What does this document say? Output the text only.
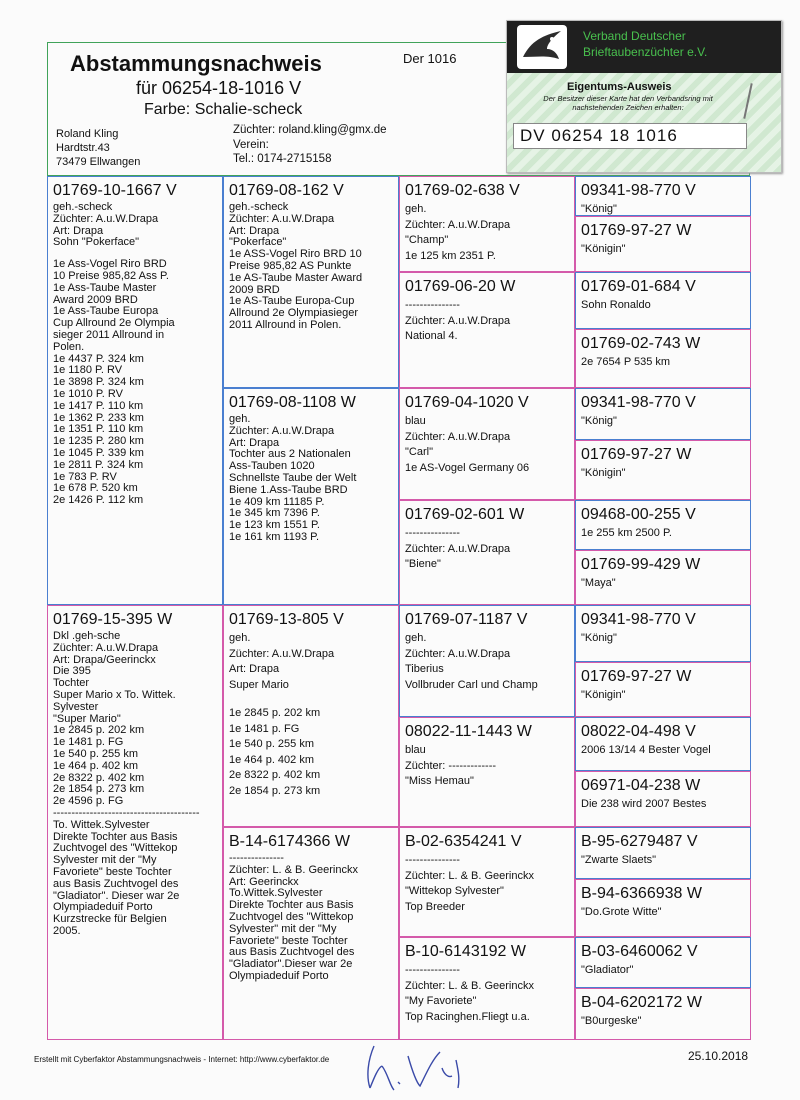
Abstammungsnachweis	Der 1016
für 06254-18-1016 V
Farbe: Schalie-scheck
Roland Kling
Hardtstr.43
73479 Ellwangen
Züchter: roland.kling@gmx.de
Verein:
Tel.: 0174-2715158
Verband Deutscher
Brieftaubenzüchter e.V.
Eigentums-Ausweis
Der Besitzer dieser Karte hat den Verbandsring mit nachstehenden Zeichen erhalten:
DV 06254 18 1016
01769-10-1667 V
geh.-scheck
Züchter: A.u.W.Drapa
Art: Drapa
Sohn "Pokerface"
1e Ass-Vogel Riro BRD
10 Preise 985,82 Ass P.
1e Ass-Taube Master
Award 2009 BRD
1e Ass-Taube Europa
Cup Allround 2e Olympia
sieger 2011 Allround in
Polen.
1e 4437 P. 324 km
1e 1180 P. RV
1e 3898 P. 324 km
1e 1010 P. RV
1e 1417 P. 110 km
1e 1362 P. 233 km
1e 1351 P. 110 km
1e 1235 P. 280 km
1e 1045 P. 339 km
1e 2811 P. 324 km
1e 783 P. RV
1e 678 P. 520 km
2e 1426 P. 112 km
01769-08-162 V
geh.-scheck
Züchter: A.u.W.Drapa
Art: Drapa
"Pokerface"
1e ASS-Vogel Riro BRD 10
Preise 985,82 AS Punkte
1e AS-Taube Master Award
2009 BRD
1e AS-Taube Europa-Cup
Allround 2e Olympiasieger
2011 Allround in Polen.
01769-02-638 V
geh.
Züchter: A.u.W.Drapa
"Champ"
1e 125 km 2351 P.
09341-98-770 V
"König"
01769-97-27 W
"Königin"
01769-06-20 W
---------------
Züchter: A.u.W.Drapa
National 4.
01769-01-684 V
Sohn Ronaldo
01769-02-743 W
2e 7654 P 535 km
01769-08-1108 W
geh.
Züchter: A.u.W.Drapa
Art: Drapa
Tochter aus 2 Nationalen
Ass-Tauben 1020
Schnellste Taube der Welt
Biene 1.Ass-Taube BRD
1e 409 km 11185 P.
1e 345 km 7396 P.
1e 123 km 1551 P.
1e 161 km 1193 P.
01769-04-1020 V
blau
Züchter: A.u.W.Drapa
"Carl"
1e AS-Vogel Germany 06
09341-98-770 V
"König"
01769-97-27 W
"Königin"
01769-02-601 W
---------------
Züchter: A.u.W.Drapa
"Biene"
09468-00-255 V
1e 255 km 2500 P.
01769-99-429 W
"Maya"
01769-15-395 W
Dkl .geh-sche
Züchter: A.u.W.Drapa
Art: Drapa/Geerinckx
Die 395
Tochter
Super Mario x To. Wittek.
Sylvester
"Super Mario"
1e 2845 p. 202 km
1e 1481 p. FG
1e 540 p. 255 km
1e 464 p. 402 km
2e 8322 p. 402 km
2e 1854 p. 273 km
2e 4596 p. FG
----------------------------------------
To. Wittek.Sylvester
Direkte Tochter aus Basis
Zuchtvogel des "Wittekop
Sylvester mit der "My
Favoriete" beste Tochter
aus Basis Zuchtvogel des
"Gladiator". Dieser war 2e
Olympiadeduif Porto
Kurzstrecke für Belgien
2005.
01769-13-805 V
geh.
Züchter: A.u.W.Drapa
Art: Drapa
Super Mario
1e 2845 p. 202 km
1e 1481 p. FG
1e 540 p. 255 km
1e 464 p. 402 km
2e 8322 p. 402 km
2e 1854 p. 273 km
01769-07-1187 V
geh.
Züchter: A.u.W.Drapa
Tiberius
Vollbruder Carl und Champ
09341-98-770 V
"König"
01769-97-27 W
"Königin"
08022-11-1443 W
blau
Züchter: -------------
"Miss Hemau"
08022-04-498 V
2006 13/14 4 Bester Vogel
06971-04-238 W
Die 238 wird 2007 Bestes
B-14-6174366 W
---------------
Züchter: L. & B. Geerinckx
Art: Geerinckx
To.Wittek.Sylvester
Direkte Tochter aus Basis
Zuchtvogel des "Wittekop
Sylvester" mit der "My
Favoriete" beste Tochter
aus Basis Zuchtvogel des
"Gladiator".Dieser war 2e
Olympiadeduif Porto
B-02-6354241 V
---------------
Züchter: L. & B. Geerinckx
"Wittekop Sylvester"
Top Breeder
B-95-6279487 V
"Zwarte Slaets"
B-94-6366938 W
"Do.Grote Witte"
B-10-6143192 W
---------------
Züchter: L. & B. Geerinckx
"My Favoriete"
Top Racinghen.Fliegt u.a.
B-03-6460062 V
"Gladiator"
B-04-6202172 W
"B0urgeske"
Erstellt mit Cyberfaktor Abstammungsnachweis - Internet: http://www.cyberfaktor.de	25.10.2018
